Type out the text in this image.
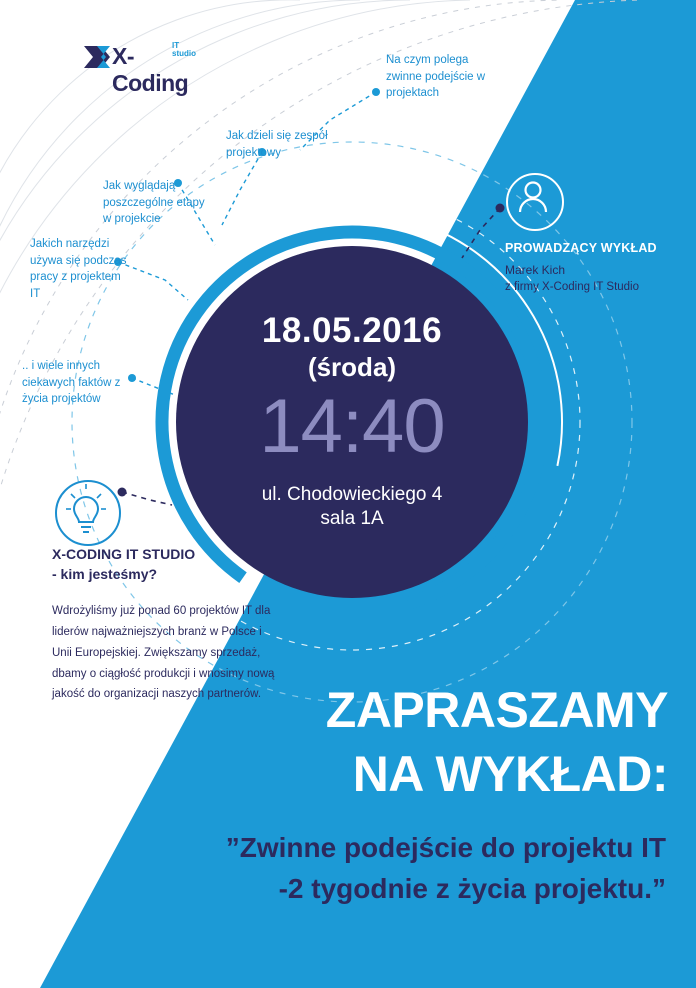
X-Coding
IT
studio
Na czym polega zwinne podejście w projektach
Jak dzieli się zespół projektowy
Jak wyglądają poszczególne etapy w projekcie
Jakich narzędzi używa się podczas pracy z projektem IT
.. i wiele innych ciekawych faktów z życia projektów
18.05.2016
(środa)
14:40
ul. Chodowieckiego 4
sala 1A
PROWADZĄCY WYKŁAD
Marek Kich
z firmy X-Coding IT Studio
X-CODING IT STUDIO
- kim jesteśmy?
Wdrożyliśmy już ponad 60 projektów IT dla liderów najważniejszych branż w Polsce i Unii Europejskiej. Zwiększamy sprzedaż, dbamy o ciągłość produkcji i wnosimy nową jakość do organizacji naszych partnerów.	ZAPRASZAMY
NA WYKŁAD:
”Zwinne podejście do projektu IT
-2 tygodnie z życia projektu.”
